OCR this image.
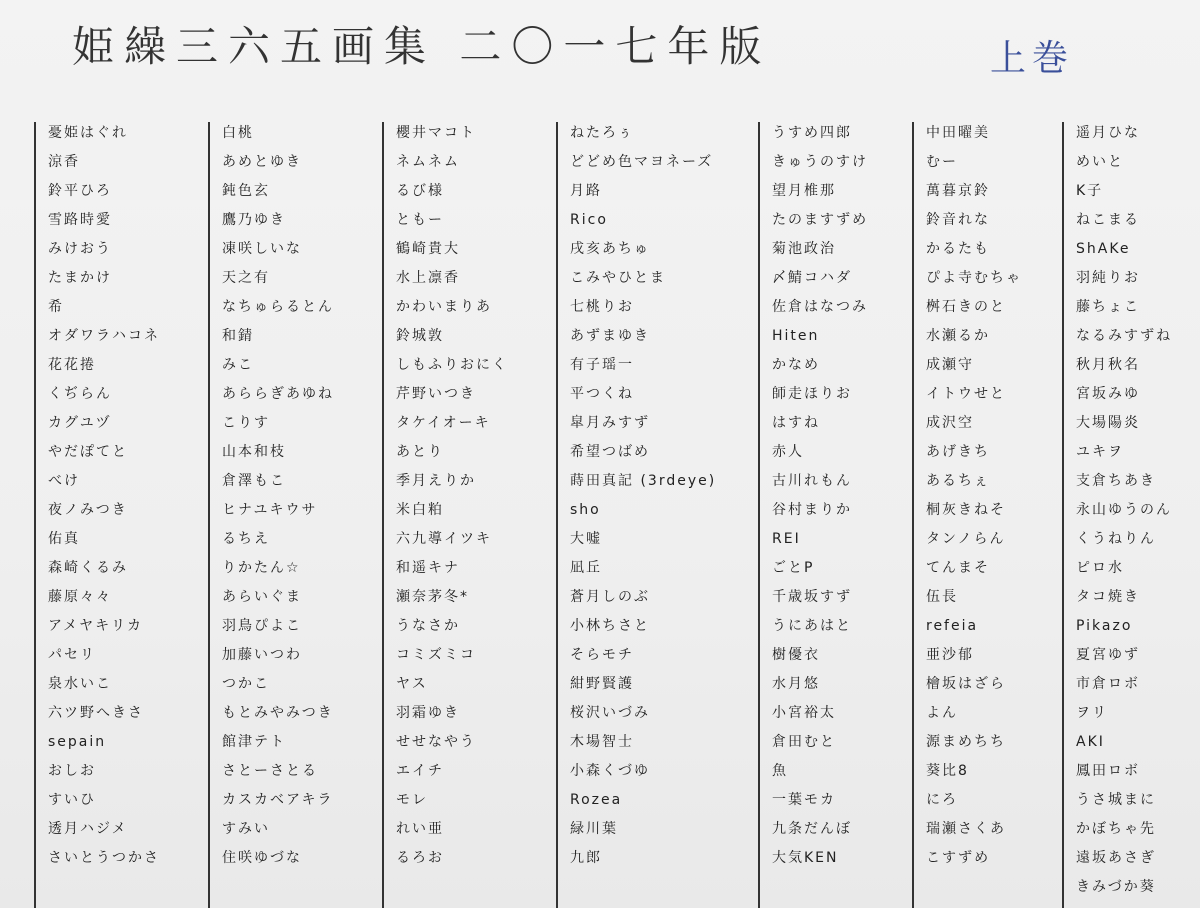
姫繰三六五画集 二〇一七年版	上巻
憂姫はぐれ
涼香
鈴平ひろ
雪路時愛
みけおう
たまかけ
希
オダワラハコネ
花花捲
くぢらん
カグユヅ
やだぽてと
べけ
夜ノみつき
佑真
森崎くるみ
藤原々々
アメヤキリカ
パセリ
泉水いこ
六ツ野へきさ
sepain
おしお
すいひ
透月ハジメ
さいとうつかさ
白桃
あめとゆき
鈍色玄
鷹乃ゆき
凍咲しいな
天之有
なちゅらるとん
和錆
みこ
あららぎあゆね
こりす
山本和枝
倉澤もこ
ヒナユキウサ
るちえ
りかたん☆
あらいぐま
羽鳥ぴよこ
加藤いつわ
つかこ
もとみやみつき
館津テト
さとーさとる
カスカベアキラ
すみい
住咲ゆづな
櫻井マコト
ネムネム
るび様
ともー
鶴崎貴大
水上凛香
かわいまりあ
鈴城敦
しもふりおにく
芹野いつき
タケイオーキ
あとり
季月えりか
米白粕
六九導イツキ
和遥キナ
瀬奈茅冬*
うなさか
コミズミコ
ヤス
羽霜ゆき
せせなやう
エイチ
モレ
れい亜
るろお
ねたろぅ
どどめ色マヨネーズ
月路
Rico
戌亥あちゅ
こみやひとま
七桃りお
あずまゆき
有子瑶一
平つくね
皐月みすず
希望つばめ
蒔田真記 (3rdeye)
sho
大嘘
凪丘
蒼月しのぶ
小林ちさと
そらモチ
紺野賢護
桜沢いづみ
木場智士
小森くづゆ
Rozea
緑川葉
九郎
うすめ四郎
きゅうのすけ
望月椎那
たのますずめ
菊池政治
〆鯖コハダ
佐倉はなつみ
Hiten
かなめ
師走ほりお
はすね
赤人
古川れもん
谷村まりか
REI
ごとP
千歳坂すず
うにあはと
樹優衣
水月悠
小宮裕太
倉田むと
魚
一葉モカ
九条だんぼ
大気KEN
中田曜美
むー
萬暮京鈴
鈴音れな
かるたも
ぴよ寺むちゃ
桝石きのと
水瀬るか
成瀬守
イトウせと
成沢空
あげきち
あるちぇ
桐灰きねそ
タンノらん
てんまそ
伍長
refeia
亜沙郁
檜坂はざら
よん
源まめちち
葵比8
にろ
瑞瀬さくあ
こすずめ
遥月ひな
めいと
K子
ねこまる
ShAKe
羽純りお
藤ちょこ
なるみすずね
秋月秋名
宮坂みゆ
大場陽炎
ユキヲ
支倉ちあき
永山ゆうのん
くうねりん
ピロ水
タコ焼き
Pikazo
夏宮ゆず
市倉ロボ
ヲリ
AKI
鳳田ロボ
うさ城まに
かぼちゃ先
遠坂あさぎ
きみづか葵
